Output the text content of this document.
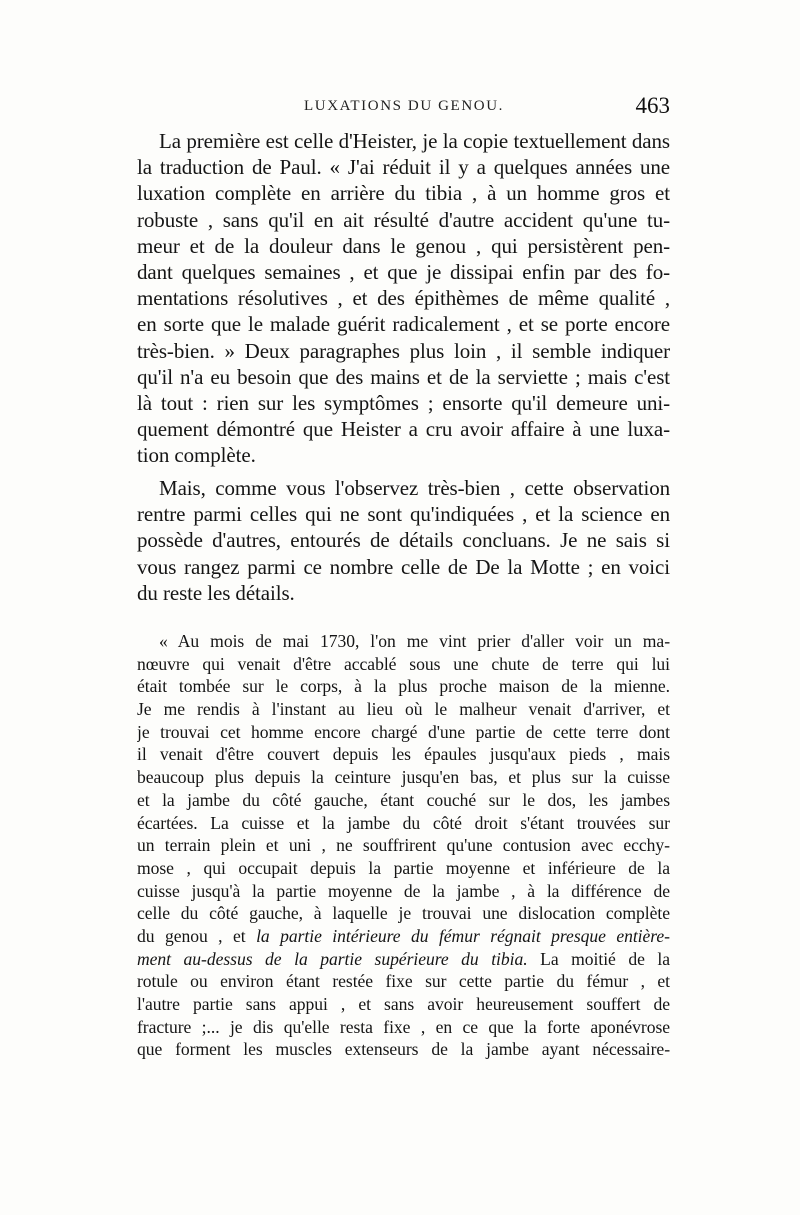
LUXATIONS DU GENOU.	463
La première est celle d'Heister, je la copie textuellement dans
la traduction de Paul. « J'ai réduit il y a quelques années une
luxation complète en arrière du tibia , à un homme gros et
robuste , sans qu'il en ait résulté d'autre accident qu'une tu-
meur et de la douleur dans le genou , qui persistèrent pen-
dant quelques semaines , et que je dissipai enfin par des fo-
mentations résolutives , et des épithèmes de même qualité ,
en sorte que le malade guérit radicalement , et se porte encore
très-bien. » Deux paragraphes plus loin , il semble indiquer
qu'il n'a eu besoin que des mains et de la serviette ; mais c'est
là tout : rien sur les symptômes ; ensorte qu'il demeure uni-
quement démontré que Heister a cru avoir affaire à une luxa-
tion complète.
Mais, comme vous l'observez très-bien , cette observation
rentre parmi celles qui ne sont qu'indiquées , et la science en
possède d'autres, entourés de détails concluans. Je ne sais si
vous rangez parmi ce nombre celle de De la Motte ; en voici
du reste les détails.
« Au mois de mai 1730, l'on me vint prier d'aller voir un ma-
nœuvre qui venait d'être accablé sous une chute de terre qui lui
était tombée sur le corps, à la plus proche maison de la mienne.
Je me rendis à l'instant au lieu où le malheur venait d'arriver, et
je trouvai cet homme encore chargé d'une partie de cette terre dont
il venait d'être couvert depuis les épaules jusqu'aux pieds , mais
beaucoup plus depuis la ceinture jusqu'en bas, et plus sur la cuisse
et la jambe du côté gauche, étant couché sur le dos, les jambes
écartées. La cuisse et la jambe du côté droit s'étant trouvées sur
un terrain plein et uni , ne souffrirent qu'une contusion avec ecchy-
mose , qui occupait depuis la partie moyenne et inférieure de la
cuisse jusqu'à la partie moyenne de la jambe , à la différence de
celle du côté gauche, à laquelle je trouvai une dislocation complète
du genou , et la partie intérieure du fémur régnait presque entière-
ment au-dessus de la partie supérieure du tibia. La moitié de la
rotule ou environ étant restée fixe sur cette partie du fémur , et
l'autre partie sans appui , et sans avoir heureusement souffert de
fracture ;... je dis qu'elle resta fixe , en ce que la forte aponévrose
que forment les muscles extenseurs de la jambe ayant nécessaire-
